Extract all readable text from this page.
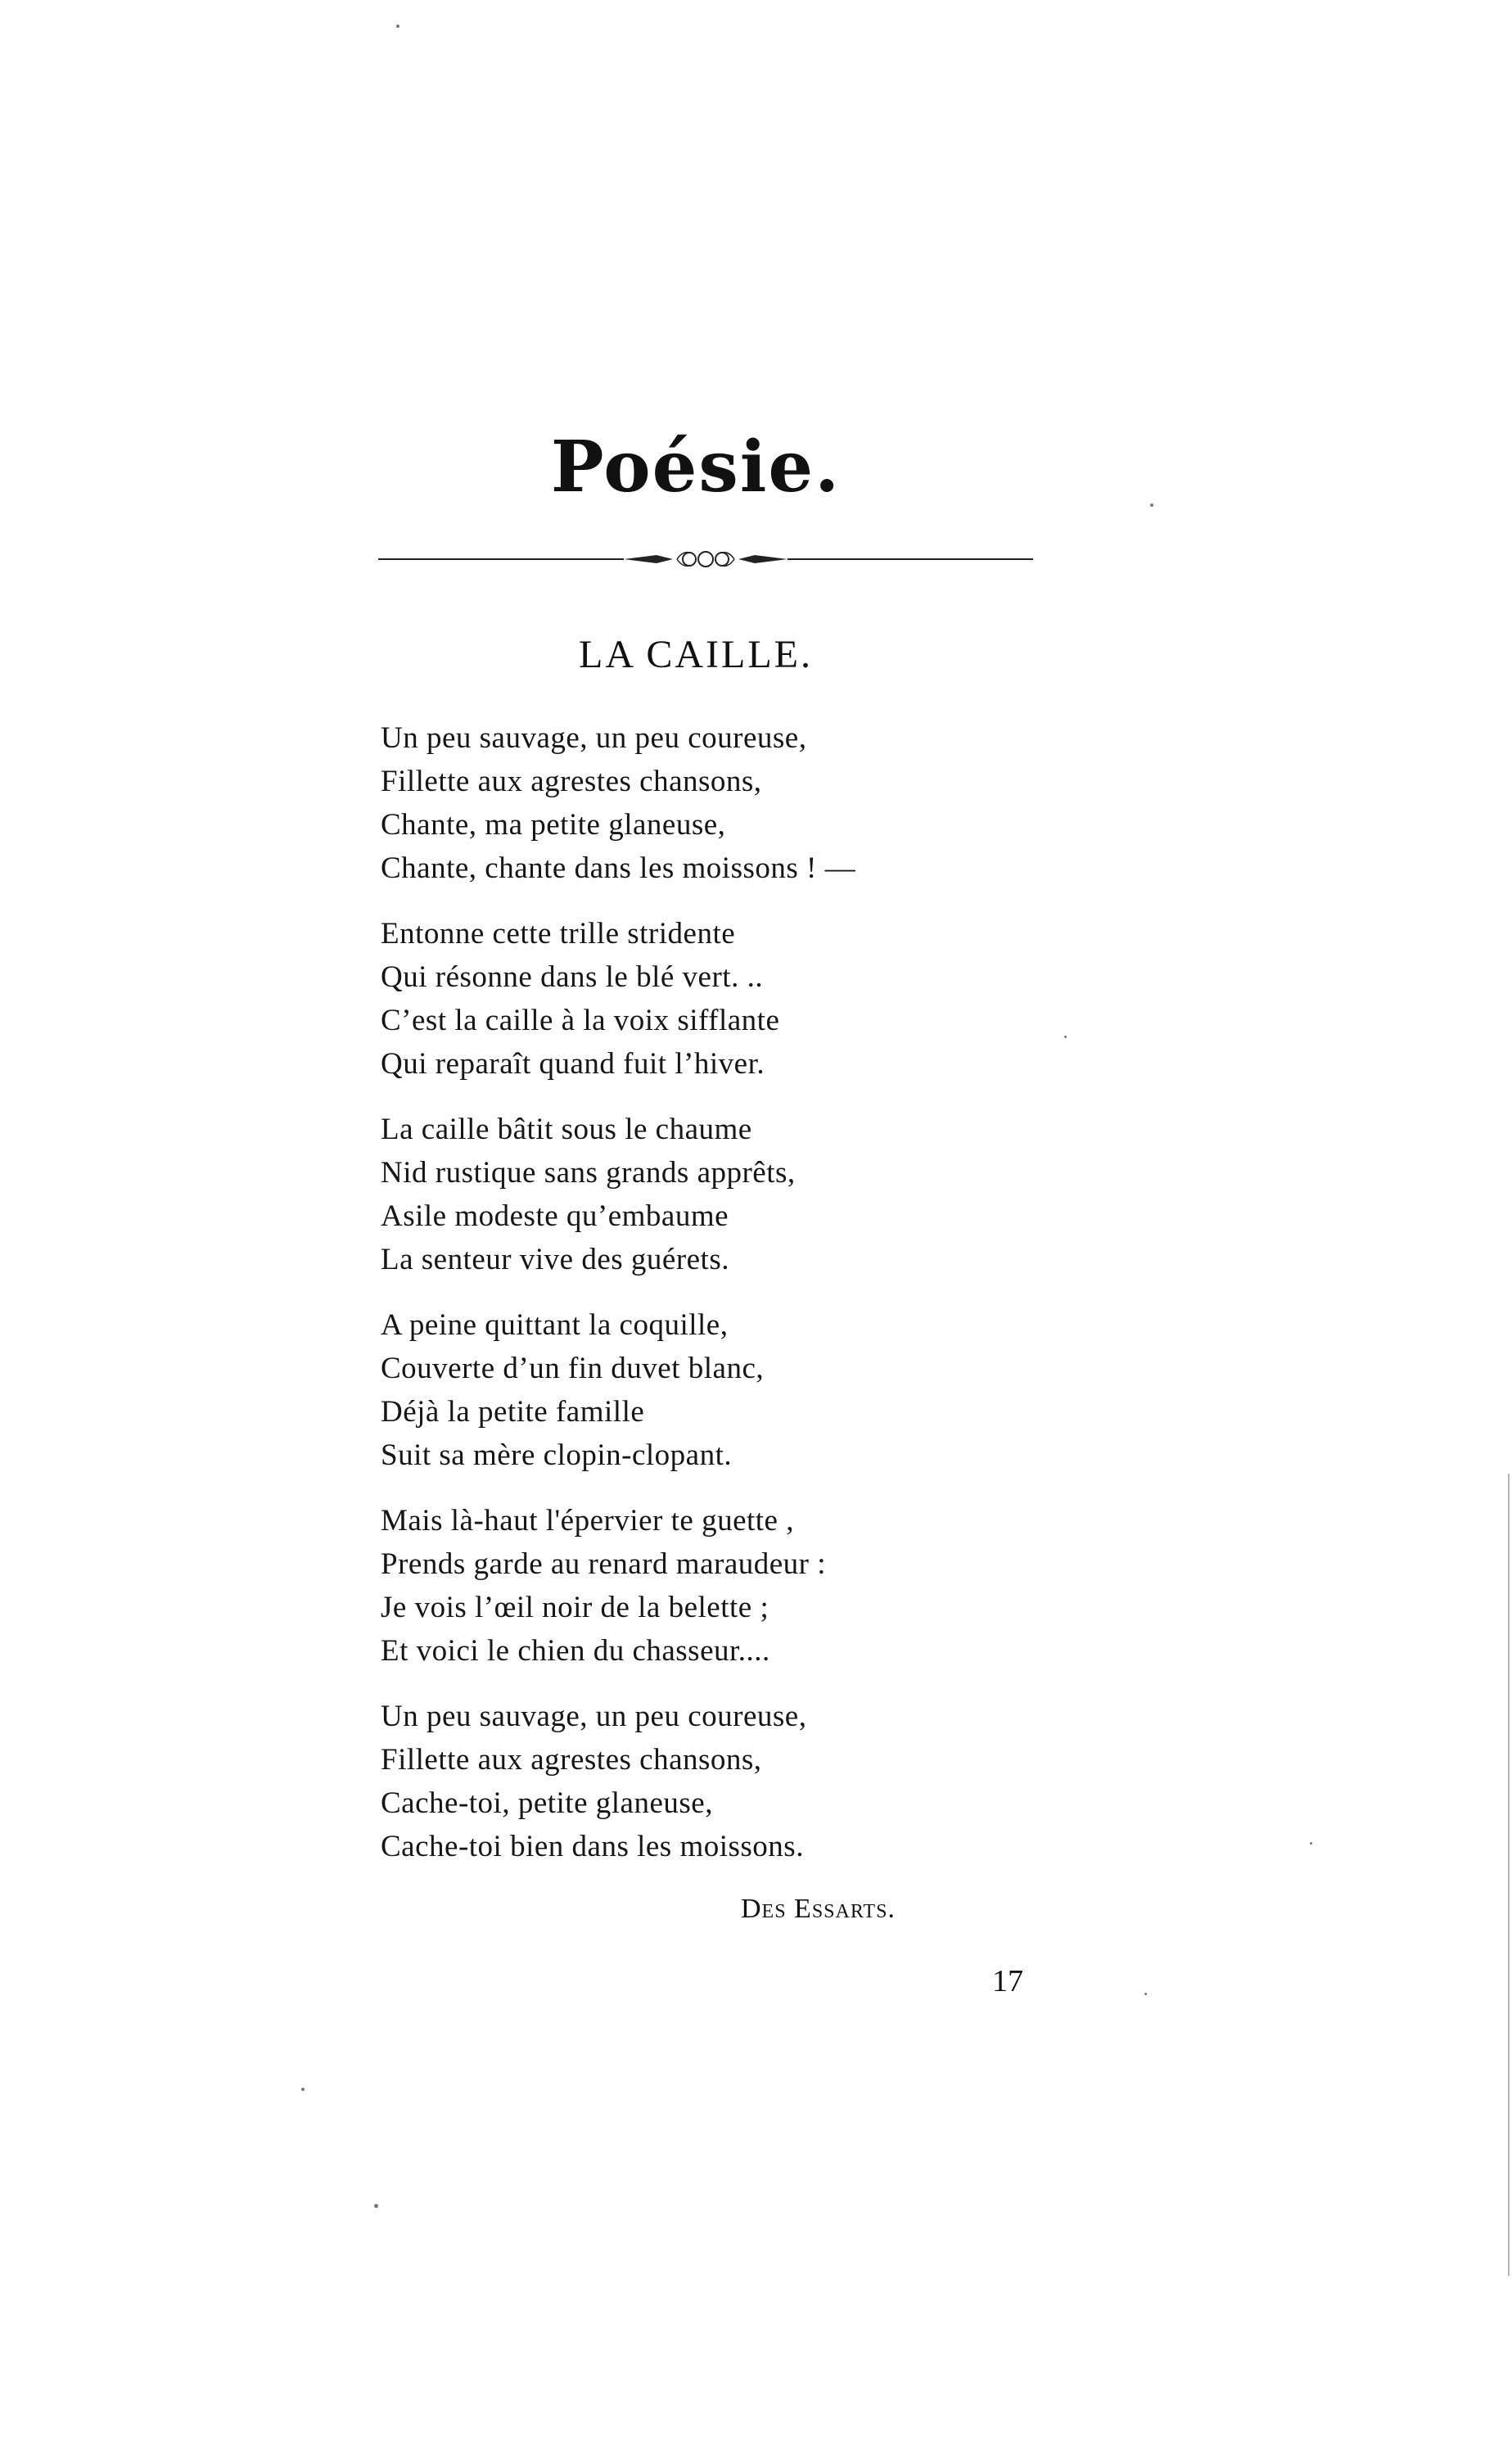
Poésie.
LA CAILLE.
Un peu sauvage, un peu coureuse,
Fillette aux agrestes chansons,
Chante, ma petite glaneuse,
Chante, chante dans les moissons ! —
Entonne cette trille stridente
Qui résonne dans le blé vert. ..
C’est la caille à la voix sifflante
Qui reparaît quand fuit l’hiver.
La caille bâtit sous le chaume
Nid rustique sans grands apprêts,
Asile modeste qu’embaume
La senteur vive des guérets.
A peine quittant la coquille,
Couverte d’un fin duvet blanc,
Déjà la petite famille
Suit sa mère clopin-clopant.
Mais là-haut l'épervier te guette ,
Prends garde au renard maraudeur :
Je vois l’œil noir de la belette ;
Et voici le chien du chasseur....
Un peu sauvage, un peu coureuse,
Fillette aux agrestes chansons,
Cache-toi, petite glaneuse,
Cache-toi bien dans les moissons.
Des Essarts.
17
